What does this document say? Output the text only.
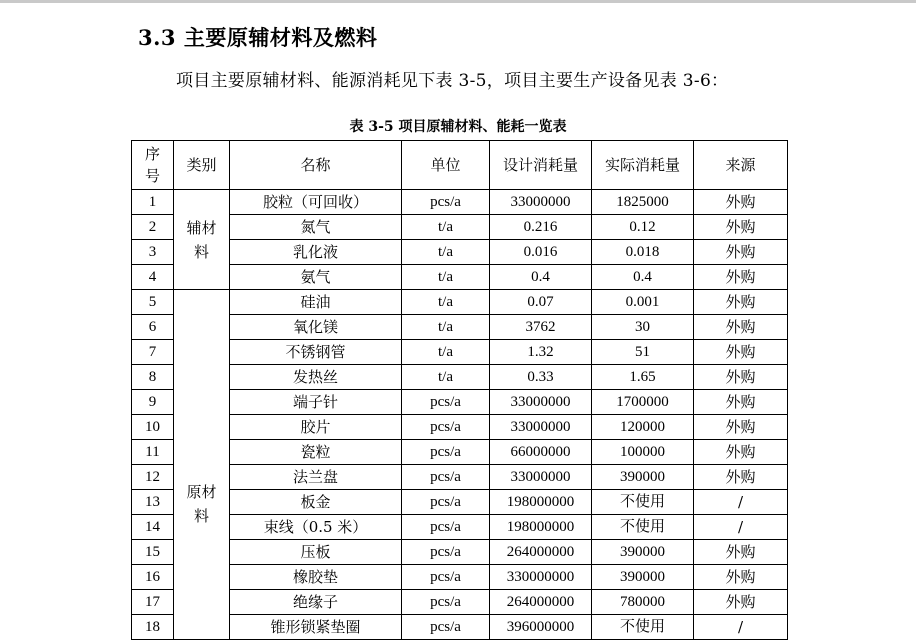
3.3 主要原辅材料及燃料
项目主要原辅材料、能源消耗见下表 3-5，项目主要生产设备见表 3-6：
表 3-5 项目原辅材料、能耗一览表
序号	类别	名称	单位	设计消耗量	实际消耗量	来源
1	辅材料	胶粒（可回收）	pcs/a	33000000	1825000	外购
2		氮气	t/a	0.216	0.12	外购
3		乳化液	t/a	0.016	0.018	外购
4		氨气	t/a	0.4	0.4	外购
5	原材料	硅油	t/a	0.07	0.001	外购
6		氧化镁	t/a	3762	30	外购
7		不锈钢管	t/a	1.32	51	外购
8		发热丝	t/a	0.33	1.65	外购
9		端子针	pcs/a	33000000	1700000	外购
10		胶片	pcs/a	33000000	120000	外购
11		瓷粒	pcs/a	66000000	100000	外购
12		法兰盘	pcs/a	33000000	390000	外购
13		板金	pcs/a	198000000	不使用	/
14		束线（0.5 米）	pcs/a	198000000	不使用	/
15		压板	pcs/a	264000000	390000	外购
16		橡胶垫	pcs/a	330000000	390000	外购
17		绝缘子	pcs/a	264000000	780000	外购
18		锥形锁紧垫圈	pcs/a	396000000	不使用	/
